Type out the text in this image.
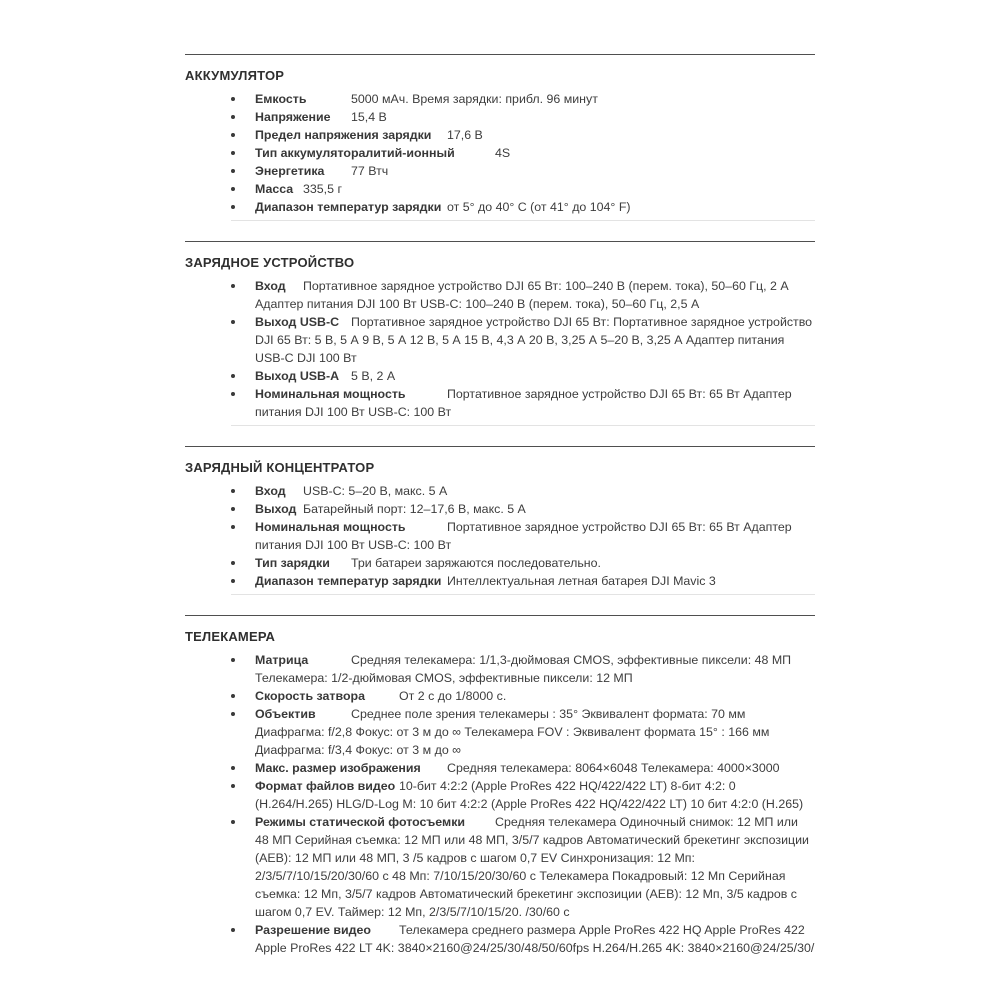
АККУМУЛЯТОР
Емкость	5000 мАч. Время зарядки: прибл. 96 минут
Напряжение 15,4 В
Предел напряжения зарядки 17,6 В
Тип аккумуляторалитий-ионный	4S
Энергетика 77 Втч
Масса 335,5 г
Диапазон температур зарядки от 5° до 40° C (от 41° до 104° F)
ЗАРЯДНОЕ УСТРОЙСТВО
Вход Портативное зарядное устройство DJI 65 Вт: 100–240 В (перем. тока), 50–60 Гц, 2 А Адаптер питания DJI 100 Вт USB-C: 100–240 В (перем. тока), 50–60 Гц, 2,5 А
Выход USB-C Портативное зарядное устройство DJI 65 Вт: Портативное зарядное устройство DJI 65 Вт: 5 В, 5 А 9 В, 5 А 12 В, 5 А 15 В, 4,3 А 20 В, 3,25 А 5–20 В, 3,25 А Адаптер питания USB-C DJI 100 Вт
Выход USB-A 5 В, 2 А
Номинальная мощность	Портативное зарядное устройство DJI 65 Вт: 65 Вт Адаптер питания DJI 100 Вт USB-C: 100 Вт
ЗАРЯДНЫЙ КОНЦЕНТРАТОР
Вход USB-C: 5–20 В, макс. 5 А
Выход Батарейный порт: 12–17,6 В, макс. 5 А
Номинальная мощность	Портативное зарядное устройство DJI 65 Вт: 65 Вт Адаптер питания DJI 100 Вт USB-C: 100 Вт
Тип зарядки Три батареи заряжаются последовательно.
Диапазон температур зарядки Интеллектуальная летная батарея DJI Mavic 3
ТЕЛЕКАМЕРА
Матрица	Средняя телекамера: 1/1,3-дюймовая CMOS, эффективные пиксели: 48 МП Телекамера: 1/2-дюймовая CMOS, эффективные пиксели: 12 МП
Скорость затвора	От 2 с до 1/8000 с.
Объектив	Среднее поле зрения телекамеры : 35° Эквивалент формата: 70 мм Диафрагма: f/2,8 Фокус: от 3 м до ∞ Телекамера FOV : Эквивалент формата 15° : 166 мм Диафрагма: f/3,4 Фокус: от 3 м до ∞
Макс. размер изображения Средняя телекамера: 8064×6048 Телекамера: 4000×3000
Формат файлов видео 10-бит 4:2:2 (Apple ProRes 422 HQ/422/422 LT) 8-бит 4:2: 0 (H.264/H.265) HLG/D-Log M: 10 бит 4:2:2 (Apple ProRes 422 HQ/422/422 LT) 10 бит 4:2:0 (H.265)
Режимы статической фотосъемки Средняя телекамера Одиночный снимок: 12 МП или 48 МП Серийная съемка: 12 МП или 48 МП, 3/5/7 кадров Автоматический брекетинг экспозиции (AEB): 12 МП или 48 МП, 3 /5 кадров с шагом 0,7 EV Синхронизация: 12 Мп: 2/3/5/7/10/15/20/30/60 с 48 Мп: 7/10/15/20/30/60 с Телекамера Покадровый: 12 Мп Серийная съемка: 12 Мп, 3/5/7 кадров Автоматический брекетинг экспозиции (AEB): 12 Мп, 3/5 кадров с шагом 0,7 EV. Таймер: 12 Мп, 2/3/5/7/10/15/20. /30/60 с
Разрешение видео Телекамера среднего размера Apple ProRes 422 HQ Apple ProRes 422 Apple ProRes 422 LT 4K: 3840×2160@24/25/30/48/50/60fps H.264/H.265 4K: 3840×2160@24/25/30/
